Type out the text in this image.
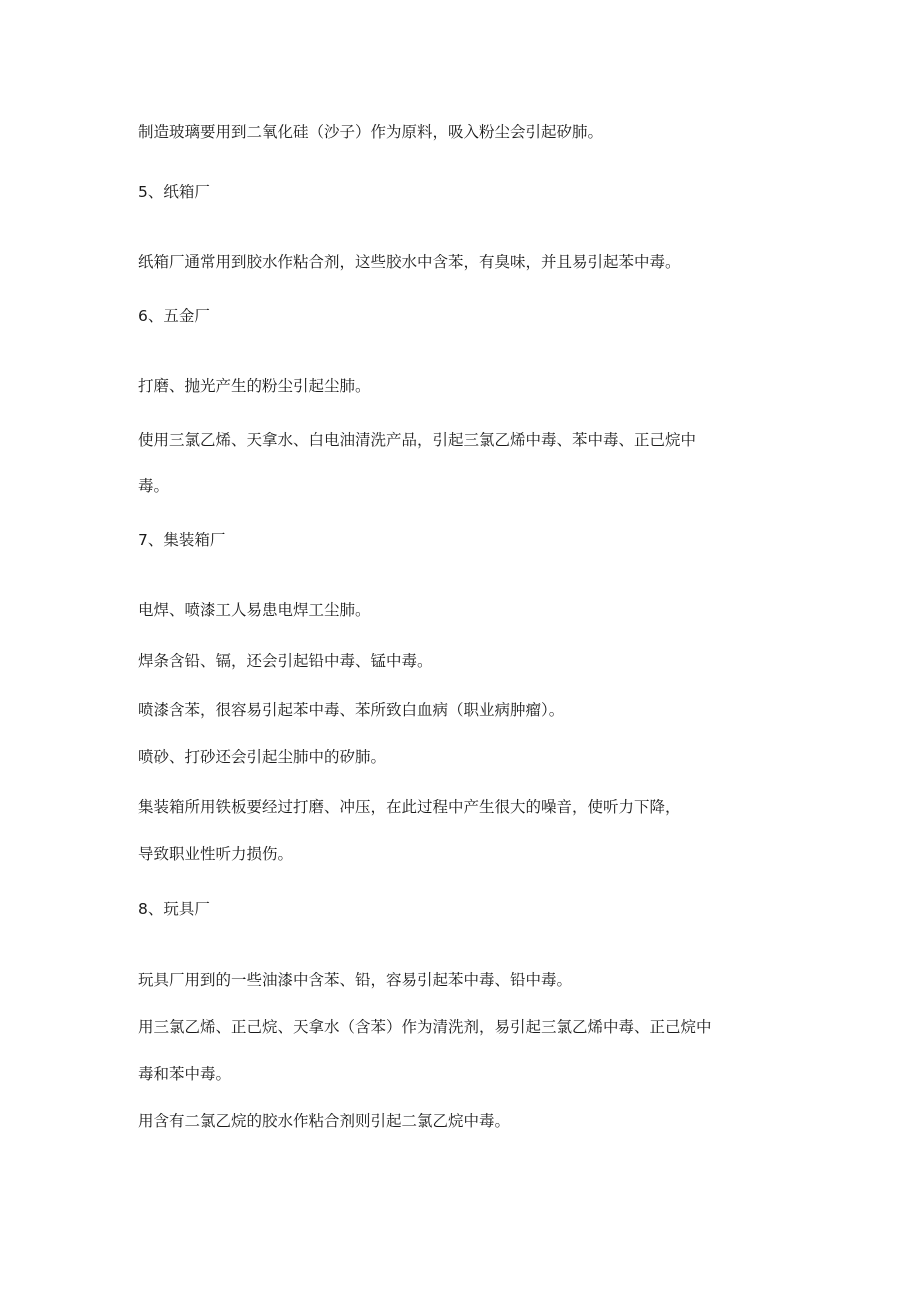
制造玻璃要用到二氧化硅（沙子）作为原料，吸入粉尘会引起矽肺。
5、纸箱厂
纸箱厂通常用到胶水作粘合剂，这些胶水中含苯，有臭味，并且易引起苯中毒。
6、五金厂
打磨、抛光产生的粉尘引起尘肺。
使用三氯乙烯、天拿水、白电油清洗产品，引起三氯乙烯中毒、苯中毒、正己烷中
毒。
7、集装箱厂
电焊、喷漆工人易患电焊工尘肺。
焊条含铅、镉，还会引起铅中毒、锰中毒。
喷漆含苯，很容易引起苯中毒、苯所致白血病（职业病肿瘤）。
喷砂、打砂还会引起尘肺中的矽肺。
集装箱所用铁板要经过打磨、冲压，在此过程中产生很大的噪音，使听力下降，
导致职业性听力损伤。
8、玩具厂
玩具厂用到的一些油漆中含苯、铅，容易引起苯中毒、铅中毒。
用三氯乙烯、正己烷、天拿水（含苯）作为清洗剂，易引起三氯乙烯中毒、正己烷中
毒和苯中毒。
用含有二氯乙烷的胶水作粘合剂则引起二氯乙烷中毒。
